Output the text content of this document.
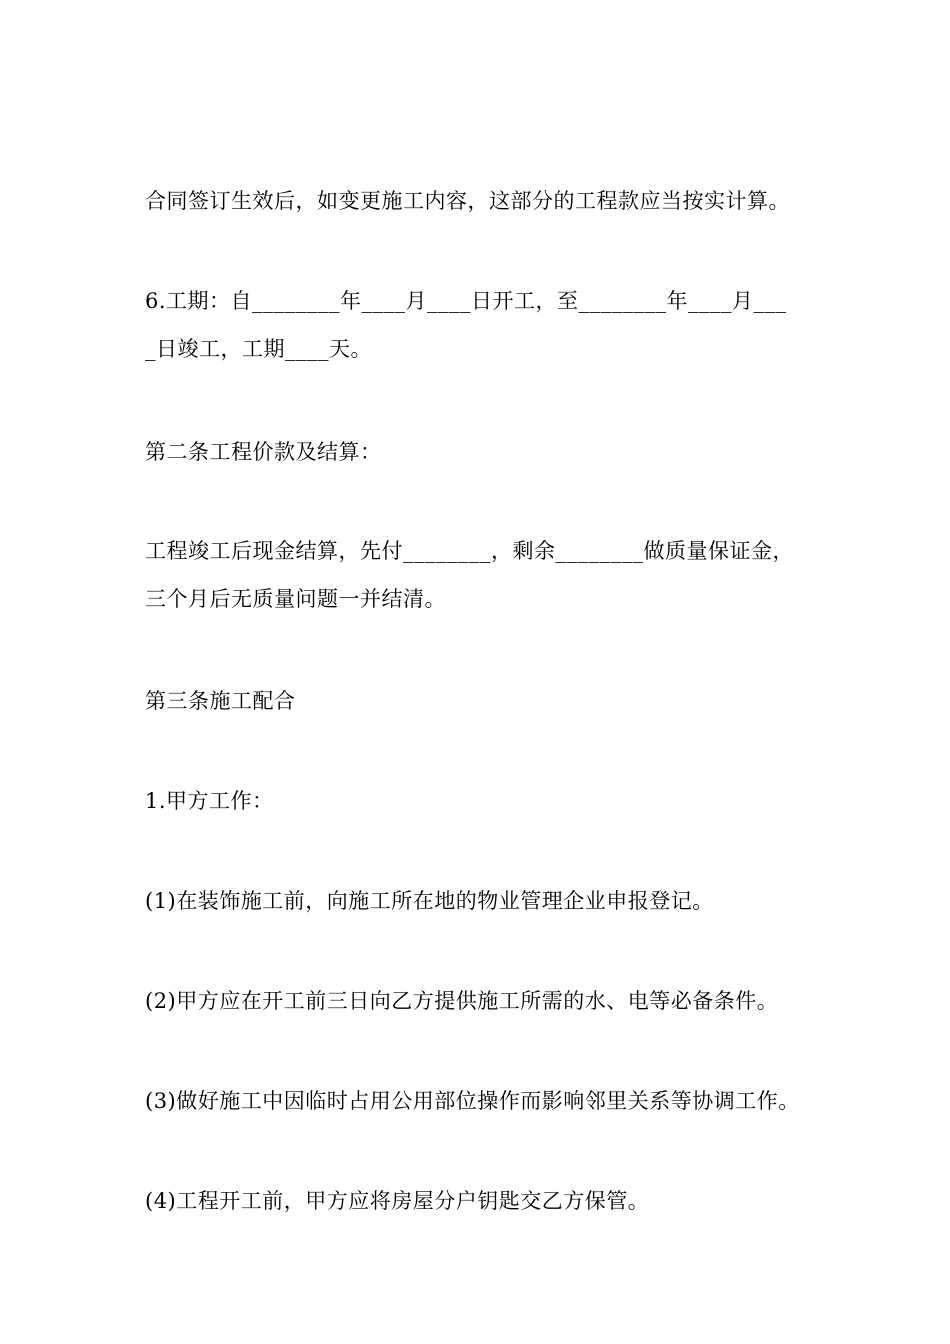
合同签订生效后，如变更施工内容，这部分的工程款应当按实计算。
6.工期：自________年____月____日开工，至________年____月___
_日竣工，工期____天。
第二条工程价款及结算：
工程竣工后现金结算，先付________，剩余________做质量保证金，
三个月后无质量问题一并结清。
第三条施工配合
1.甲方工作：
(1)在装饰施工前，向施工所在地的物业管理企业申报登记。
(2)甲方应在开工前三日向乙方提供施工所需的水、电等必备条件。
(3)做好施工中因临时占用公用部位操作而影响邻里关系等协调工作。
(4)工程开工前，甲方应将房屋分户钥匙交乙方保管。
